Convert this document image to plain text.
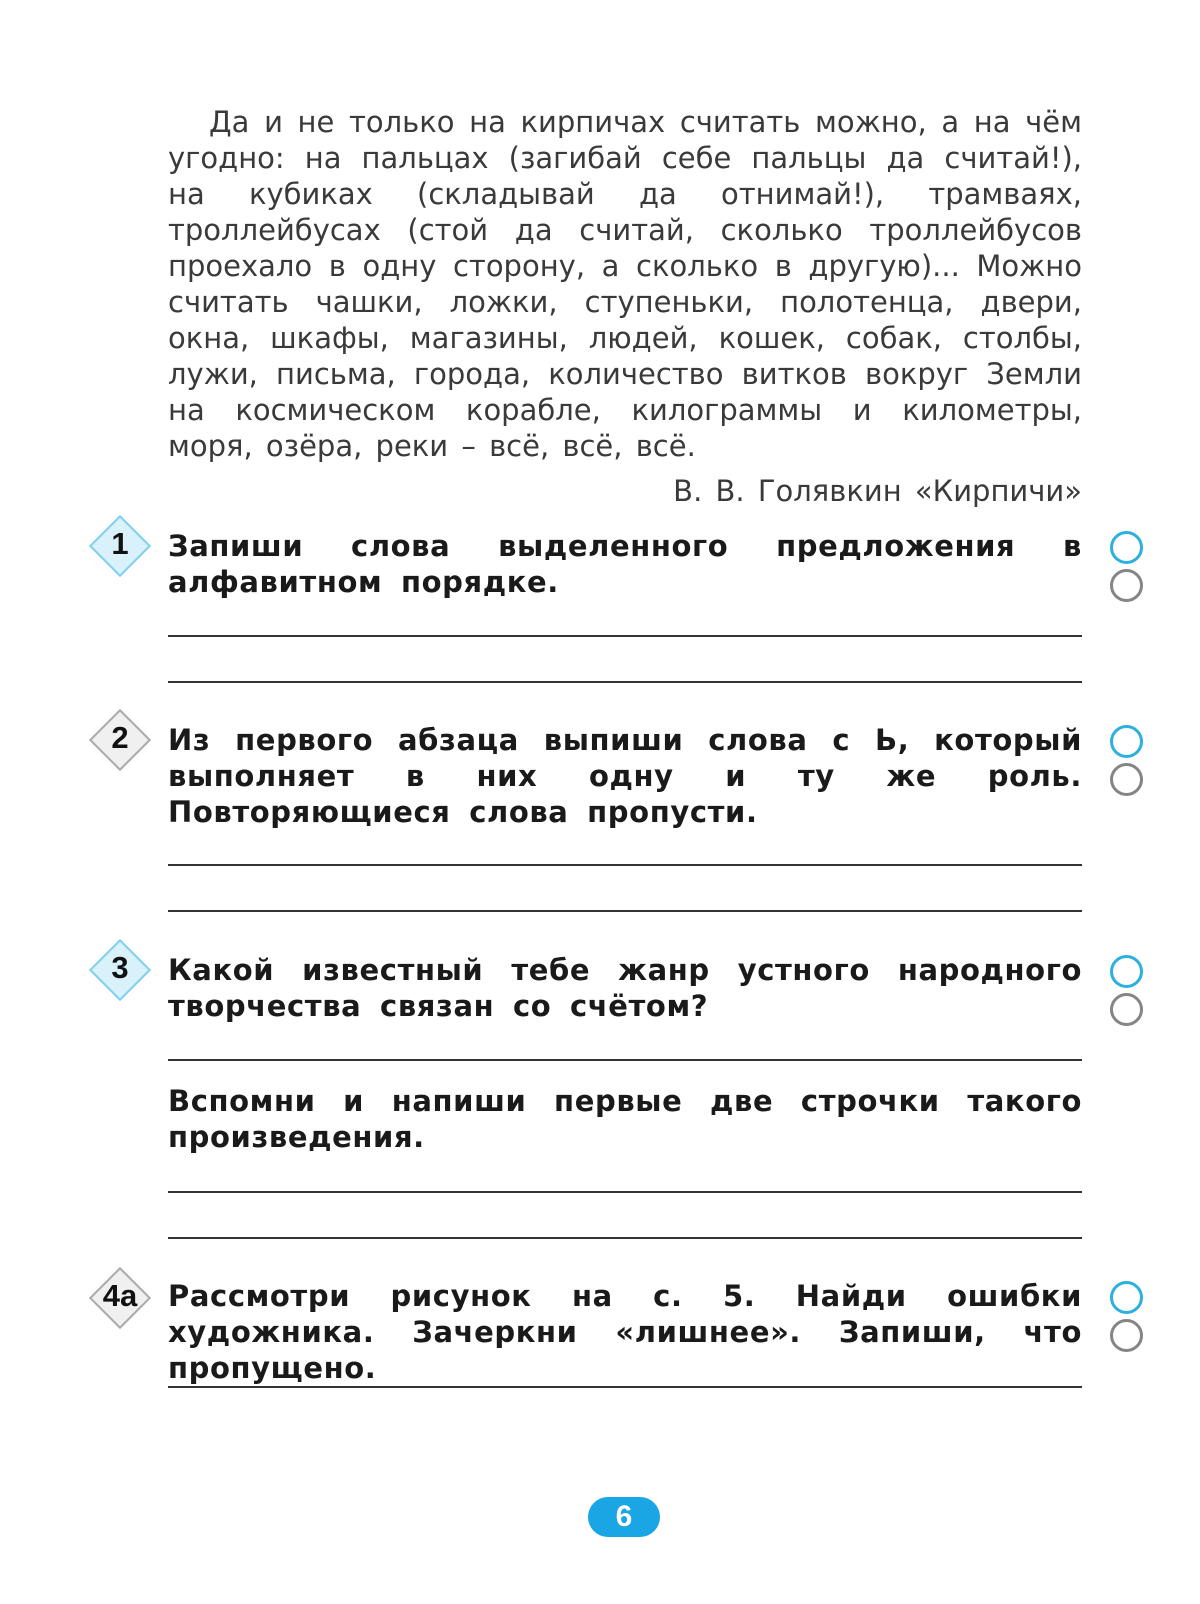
Да и не только на кирпичах считать можно, а на чём угодно: на пальцах (загибай себе пальцы да считай!), на кубиках (складывай да отнимай!), трамваях, троллейбусах (стой да считай, сколько троллейбусов проехало в одну сторону, а сколько в другую)... Можно считать чашки, ложки, ступеньки, полотенца, двери, окна, шкафы, магазины, людей, кошек, собак, столбы, лужи, письма, города, количество витков вокруг Земли на космическом корабле, килограммы и километры, моря, озёра, реки – всё, всё, всё.

В. В. Голявкин «Кирпичи»
1	Запиши слова выделенного предложения в алфавитном порядке.
2	Из первого абзаца выпиши слова с Ь, который выполняет в них одну и ту же роль. Повторяющиеся слова пропусти.
3	Какой известный тебе жанр устного народного творчества связан со счётом?
Вспомни и напиши первые две строчки такого произведения.
4а	Рассмотри рисунок на с. 5. Найди ошибки художника. Зачеркни «лишнее». Запиши, что пропущено.
6
